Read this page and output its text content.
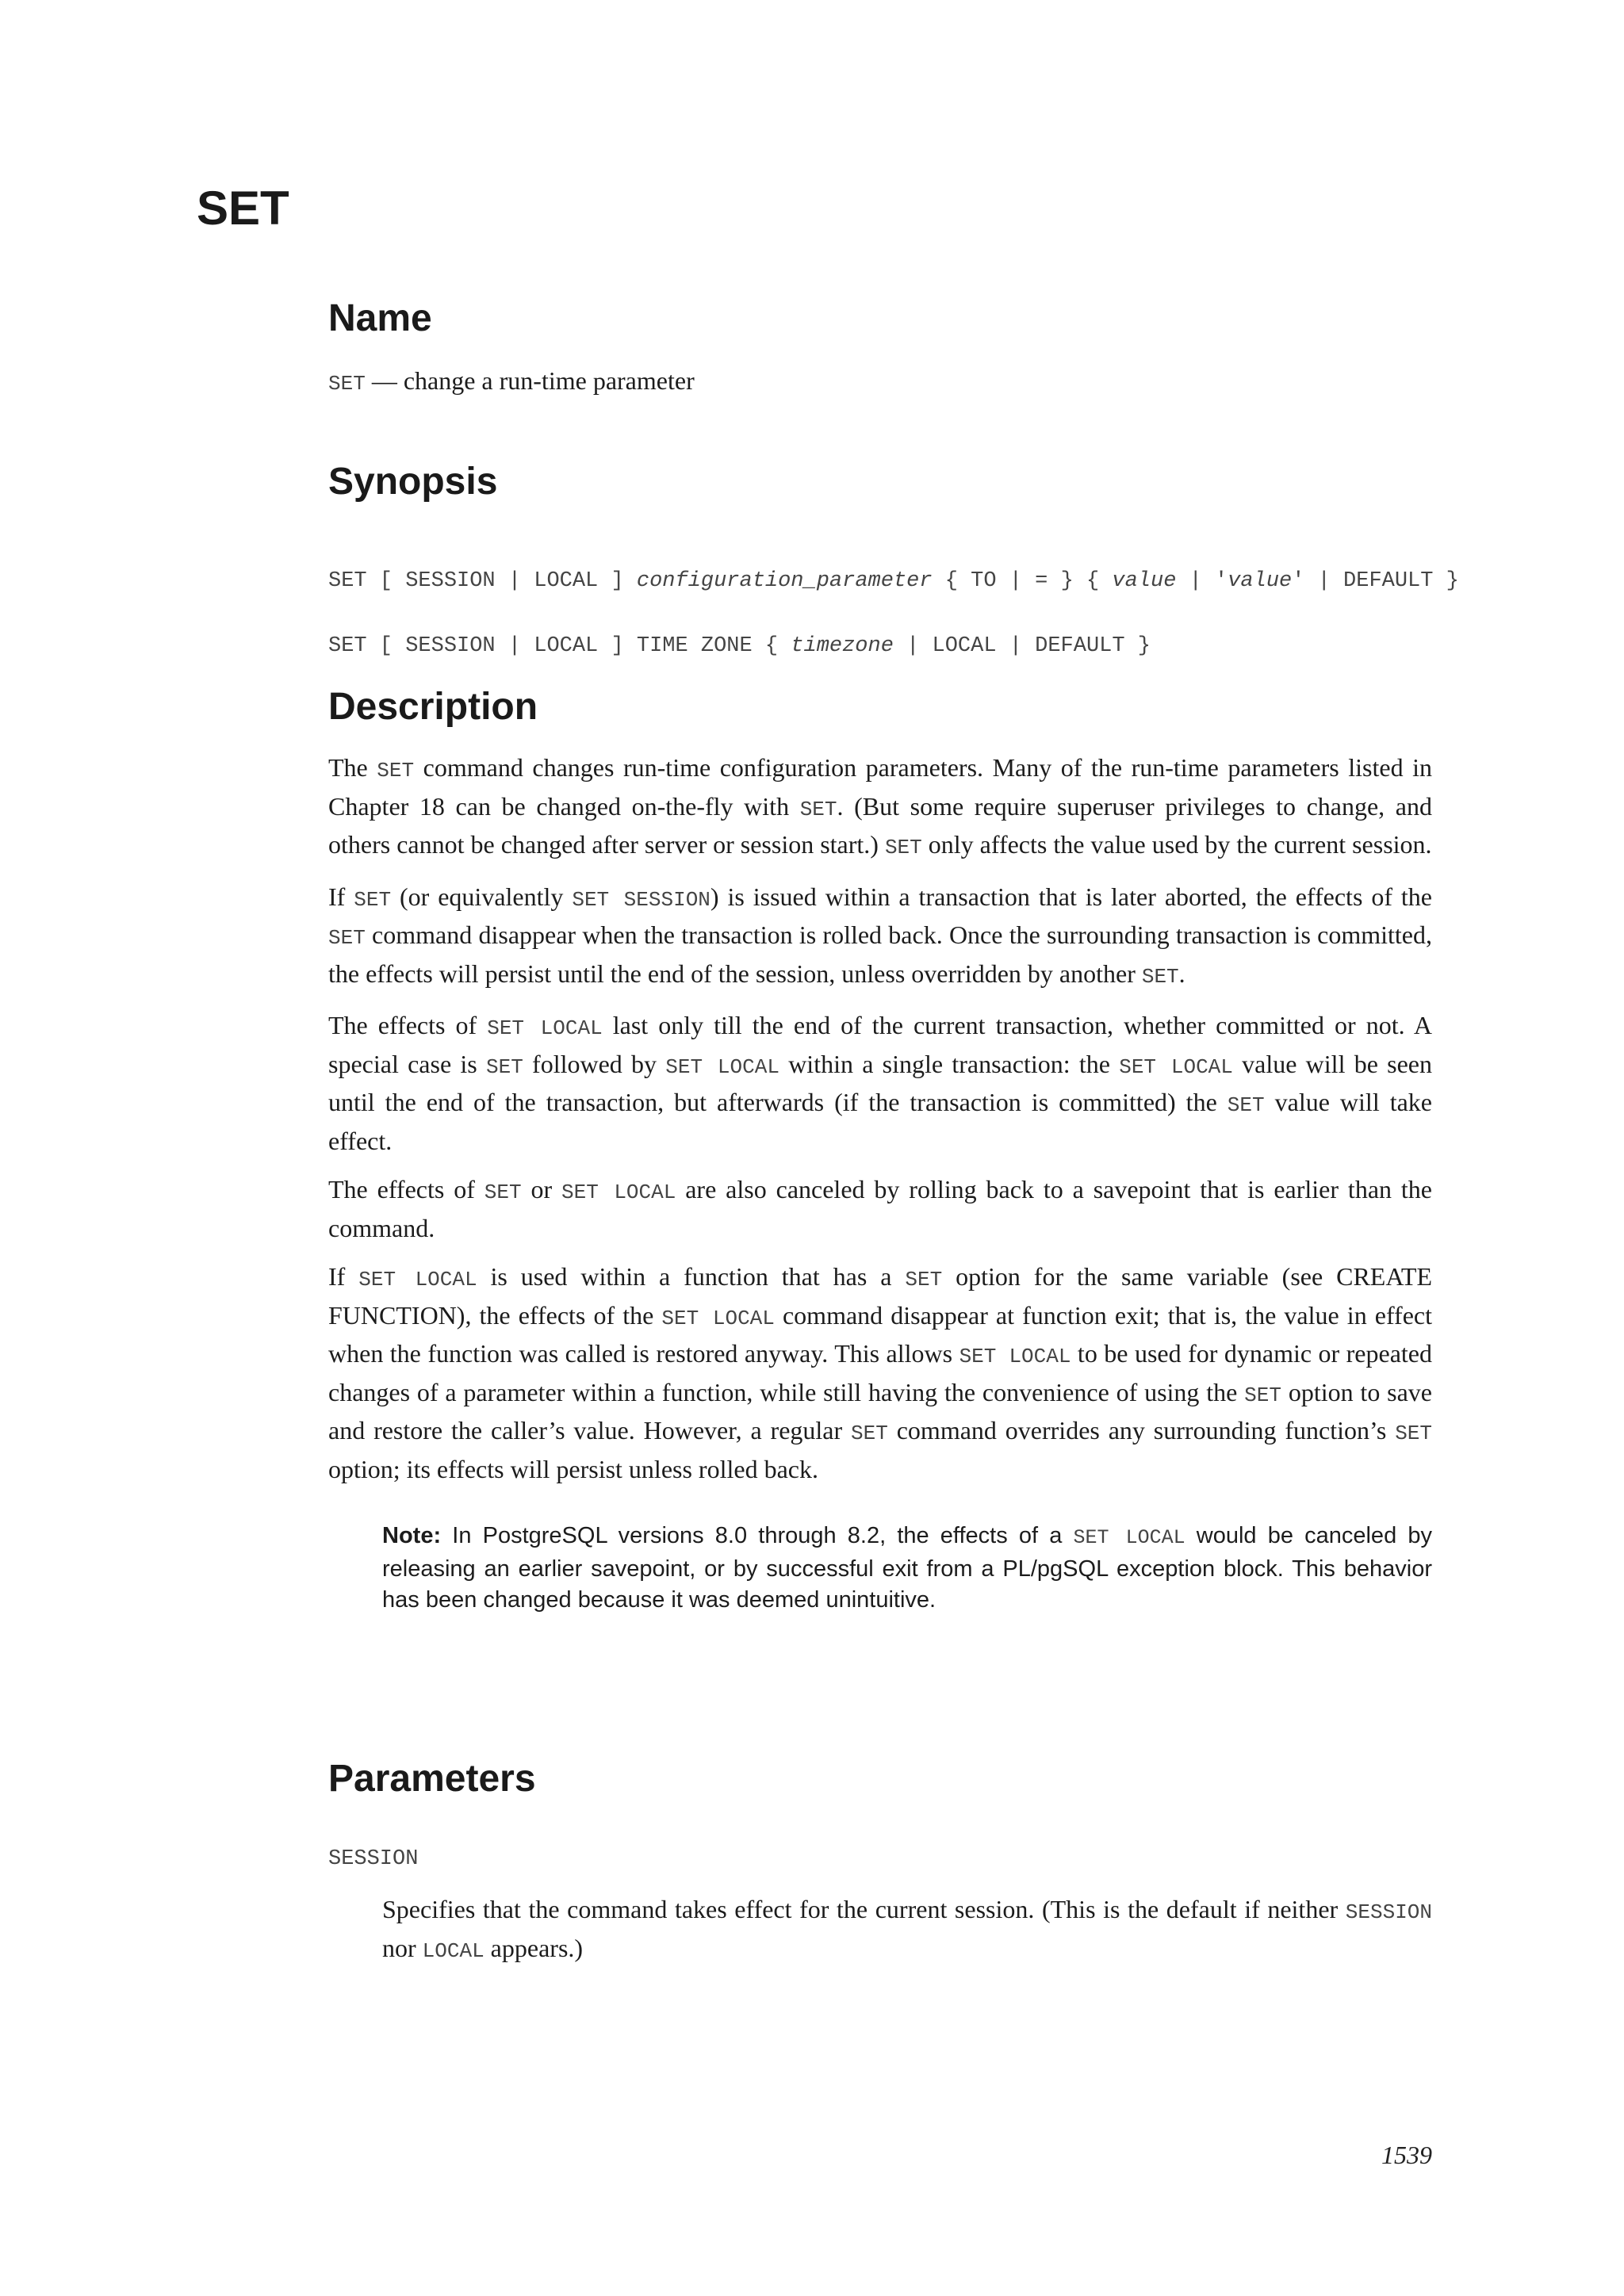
SET
Name
SET — change a run-time parameter
Synopsis

SET [ SESSION | LOCAL ] configuration_parameter { TO | = } { value | 'value' | DEFAULT }

SET [ SESSION | LOCAL ] TIME ZONE { timezone | LOCAL | DEFAULT }

Description

The SET command changes run-time configuration parameters. Many of the run-time parameters listed in Chapter 18 can be changed on-the-fly with SET. (But some require superuser privileges to change, and others cannot be changed after server or session start.) SET only affects the value used by the current session.

If SET (or equivalently SET SESSION) is issued within a transaction that is later aborted, the effects of the SET command disappear when the transaction is rolled back. Once the surrounding transaction is committed, the effects will persist until the end of the session, unless overridden by another SET.

The effects of SET LOCAL last only till the end of the current transaction, whether committed or not. A special case is SET followed by SET LOCAL within a single transaction: the SET LOCAL value will be seen until the end of the transaction, but afterwards (if the transaction is committed) the SET value will take effect.

The effects of SET or SET LOCAL are also canceled by rolling back to a savepoint that is earlier than the command.

If SET LOCAL is used within a function that has a SET option for the same variable (see CREATE FUNCTION), the effects of the SET LOCAL command disappear at function exit; that is, the value in effect when the function was called is restored anyway. This allows SET LOCAL to be used for dynamic or repeated changes of a parameter within a function, while still having the convenience of using the SET option to save and restore the caller’s value. However, a regular SET command overrides any surrounding function’s SET option; its effects will persist unless rolled back.

Note: In PostgreSQL versions 8.0 through 8.2, the effects of a SET LOCAL would be canceled by releasing an earlier savepoint, or by successful exit from a PL/pgSQL exception block. This behavior has been changed because it was deemed unintuitive.
Parameters
SESSION
Specifies that the command takes effect for the current session. (This is the default if neither SESSION nor LOCAL appears.)
1539
